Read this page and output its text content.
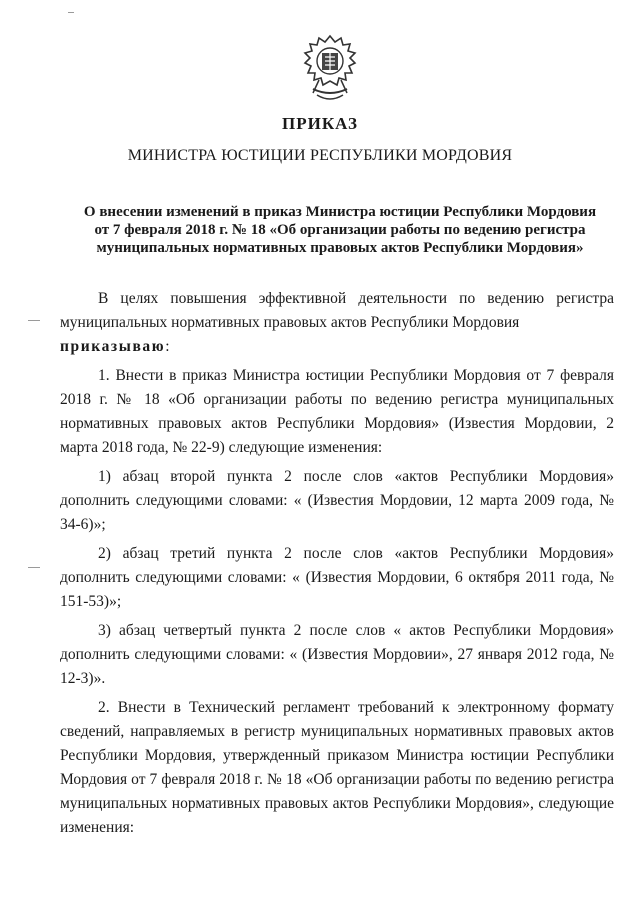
ПРИКАЗ
МИНИСТРА ЮСТИЦИИ РЕСПУБЛИКИ МОРДОВИЯ
О внесении изменений в приказ Министра юстиции Республики Мордовия
от 7 февраля 2018 г. № 18 «Об организации работы по ведению регистра
муниципальных нормативных правовых актов Республики Мордовия»

В целях повышения эффективной деятельности по ведению регистра муниципальных нормативных правовых актов Республики Мордовия
приказываю:

1. Внести в приказ Министра юстиции Республики Мордовия от 7 февраля 2018 г. № 18 «Об организации работы по ведению регистра муниципальных нормативных правовых актов Республики Мордовия» (Известия Мордовии, 2 марта 2018 года, № 22-9) следующие изменения:

1) абзац второй пункта 2 после слов «актов Республики Мордовия» дополнить следующими словами: « (Известия Мордовии, 12 марта 2009 года, № 34-6)»;

2) абзац третий пункта 2 после слов «актов Республики Мордовия» дополнить следующими словами: « (Известия Мордовии, 6 октября 2011 года, № 151-53)»;

3) абзац четвертый пункта 2 после слов « актов Республики Мордовия» дополнить следующими словами: « (Известия Мордовии», 27 января 2012 года, № 12-3)».

2. Внести в Технический регламент требований к электронному формату сведений, направляемых в регистр муниципальных нормативных правовых актов Республики Мордовия, утвержденный приказом Министра юстиции Республики Мордовия от 7 февраля 2018 г. № 18 «Об организации работы по ведению регистра муниципальных нормативных правовых актов Республики Мордовия», следующие изменения:
